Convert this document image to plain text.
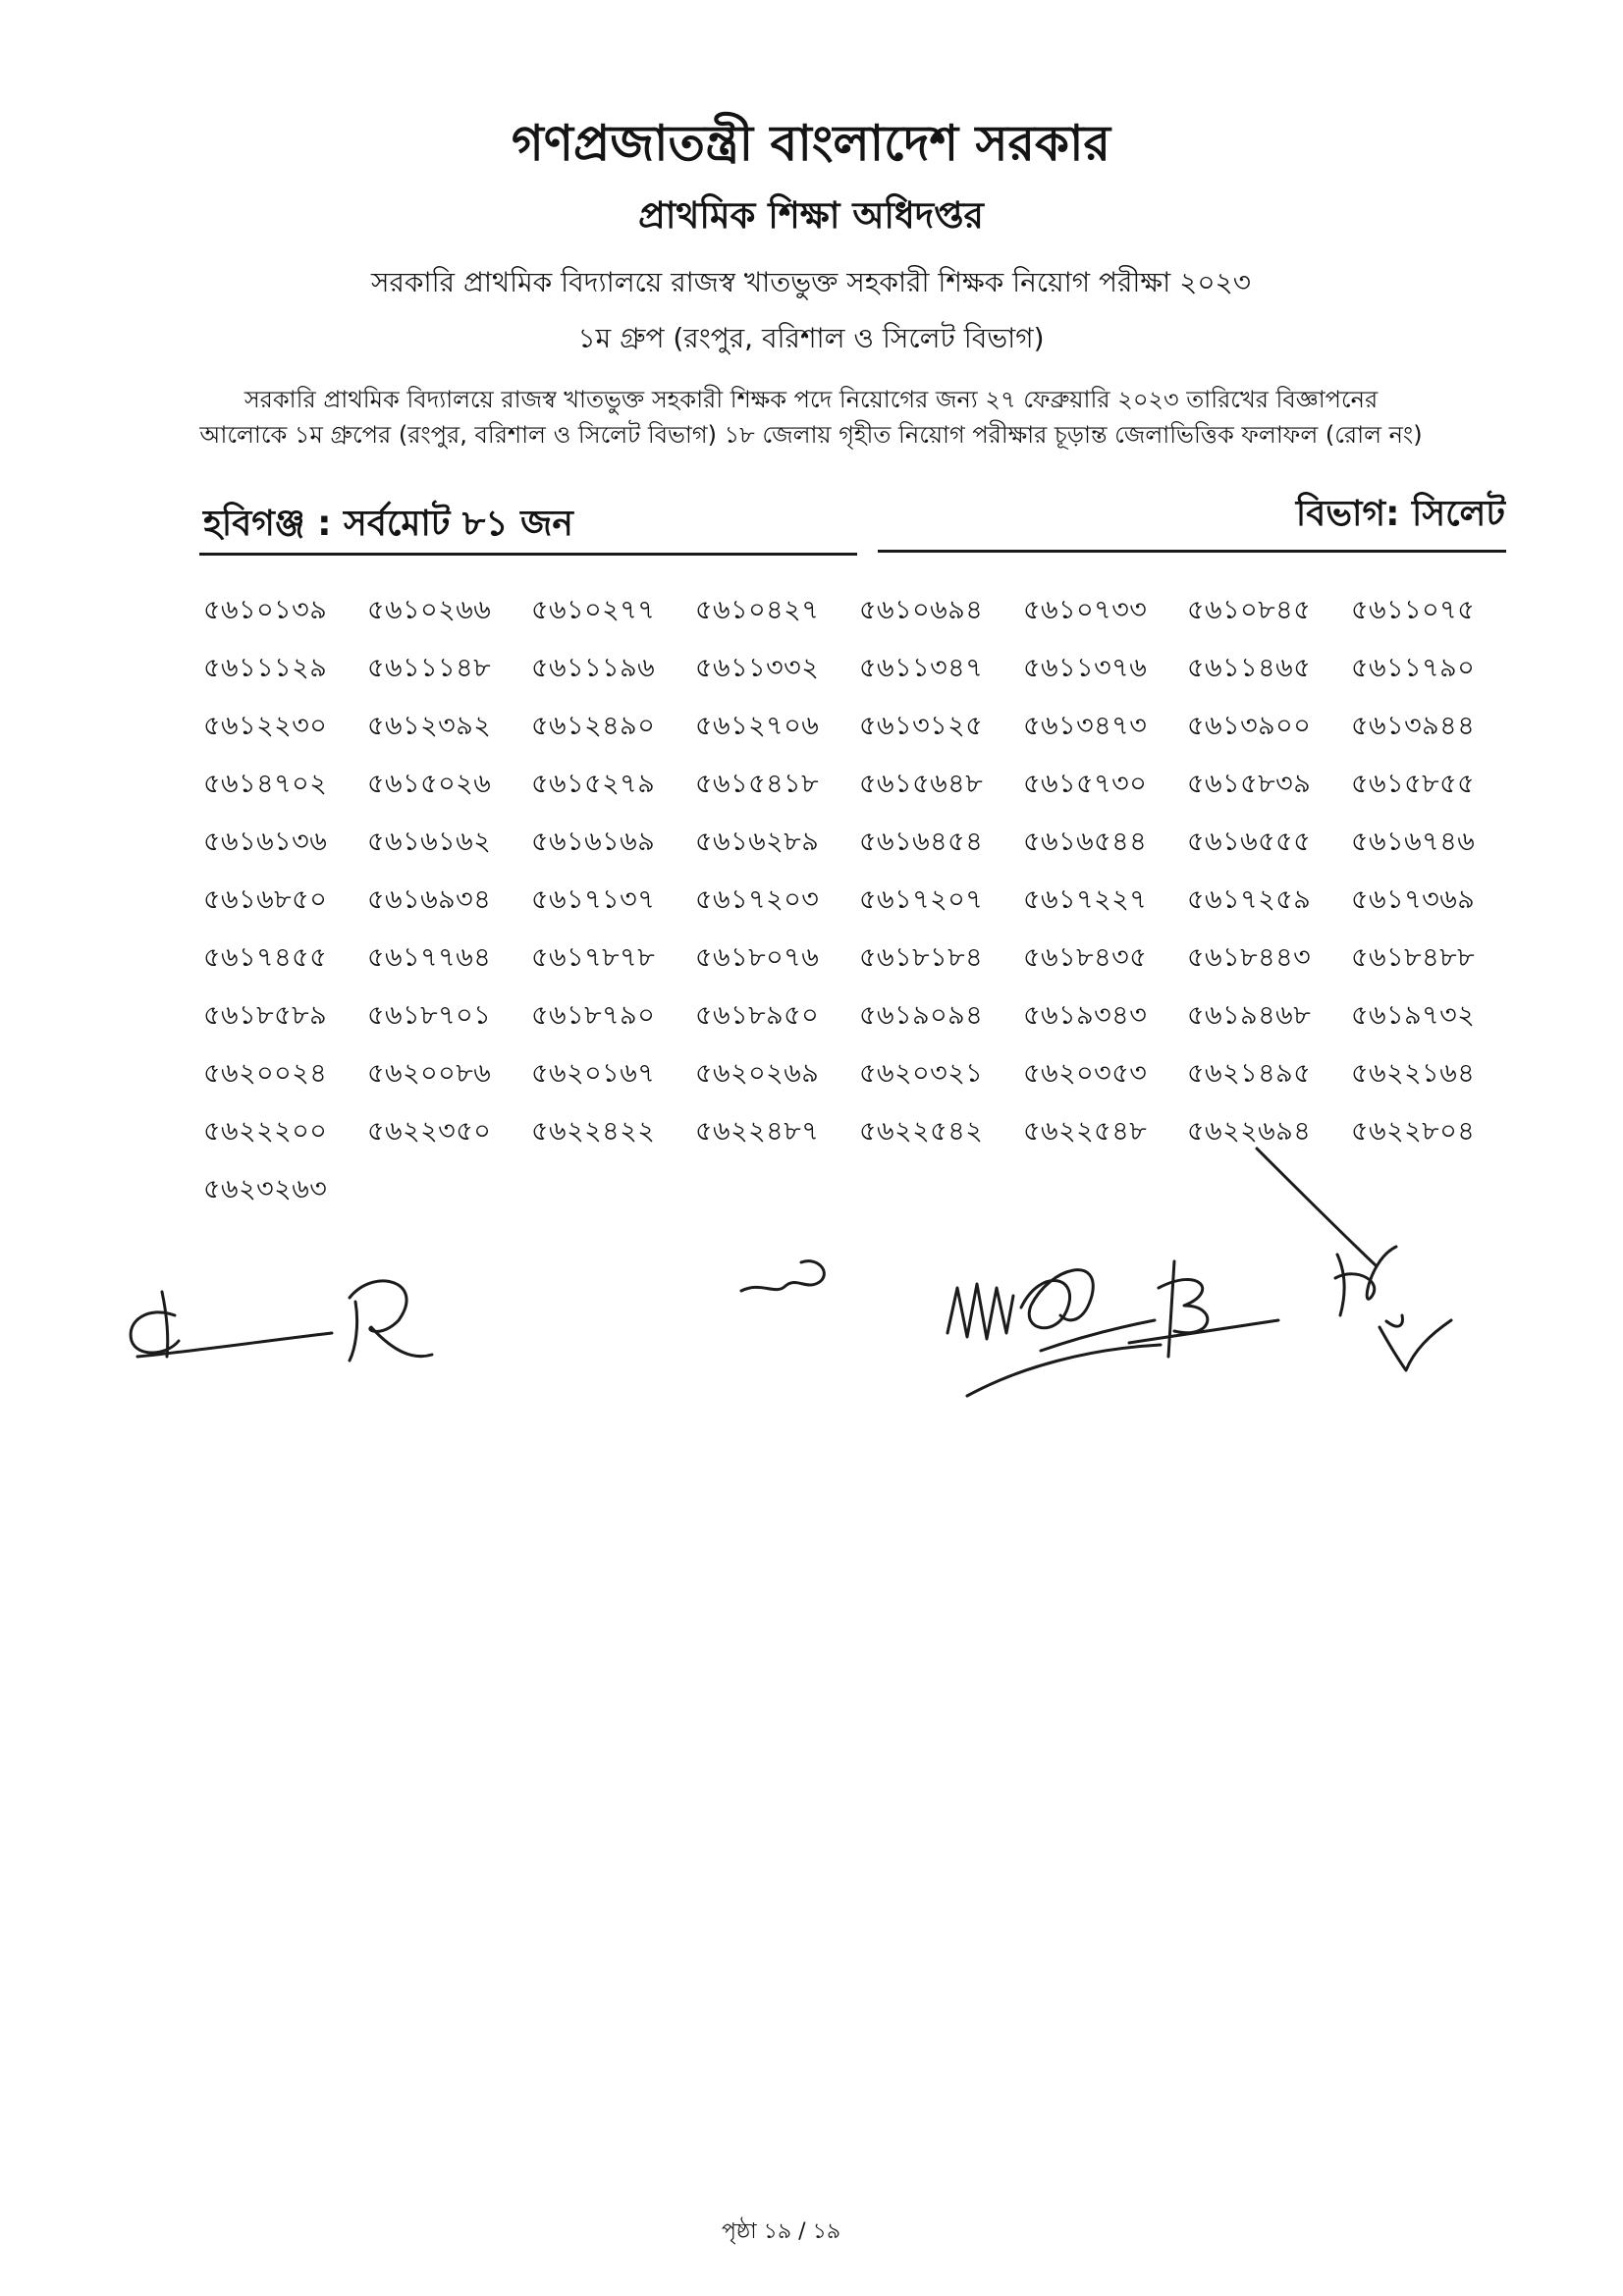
গণপ্রজাতন্ত্রী বাংলাদেশ সরকার
প্রাথমিক শিক্ষা অধিদপ্তর
সরকারি প্রাথমিক বিদ্যালয়ে রাজস্ব খাতভুক্ত সহকারী শিক্ষক নিয়োগ পরীক্ষা ২০২৩
১ম গ্রুপ (রংপুর, বরিশাল ও সিলেট বিভাগ)
সরকারি প্রাথমিক বিদ্যালয়ে রাজস্ব খাতভুক্ত সহকারী শিক্ষক পদে নিয়োগের জন্য ২৭ ফেব্রুয়ারি ২০২৩ তারিখের বিজ্ঞাপনের
আলোকে ১ম গ্রুপের (রংপুর, বরিশাল ও সিলেট বিভাগ) ১৮ জেলায় গৃহীত নিয়োগ পরীক্ষার চূড়ান্ত জেলাভিত্তিক ফলাফল (রোল নং)
হবিগঞ্জ : সর্বমোট ৮১ জন	বিভাগ: সিলেট
৫৬১০১৩৯	৫৬১০২৬৬	৫৬১০২৭৭	৫৬১০৪২৭	৫৬১০৬৯৪	৫৬১০৭৩৩	৫৬১০৮৪৫	৫৬১১০৭৫
৫৬১১১২৯	৫৬১১১৪৮	৫৬১১১৯৬	৫৬১১৩৩২	৫৬১১৩৪৭	৫৬১১৩৭৬	৫৬১১৪৬৫	৫৬১১৭৯০
৫৬১২২৩০	৫৬১২৩৯২	৫৬১২৪৯০	৫৬১২৭০৬	৫৬১৩১২৫	৫৬১৩৪৭৩	৫৬১৩৯০০	৫৬১৩৯৪৪
৫৬১৪৭০২	৫৬১৫০২৬	৫৬১৫২৭৯	৫৬১৫৪১৮	৫৬১৫৬৪৮	৫৬১৫৭৩০	৫৬১৫৮৩৯	৫৬১৫৮৫৫
৫৬১৬১৩৬	৫৬১৬১৬২	৫৬১৬১৬৯	৫৬১৬২৮৯	৫৬১৬৪৫৪	৫৬১৬৫৪৪	৫৬১৬৫৫৫	৫৬১৬৭৪৬
৫৬১৬৮৫০	৫৬১৬৯৩৪	৫৬১৭১৩৭	৫৬১৭২০৩	৫৬১৭২০৭	৫৬১৭২২৭	৫৬১৭২৫৯	৫৬১৭৩৬৯
৫৬১৭৪৫৫	৫৬১৭৭৬৪	৫৬১৭৮৭৮	৫৬১৮০৭৬	৫৬১৮১৮৪	৫৬১৮৪৩৫	৫৬১৮৪৪৩	৫৬১৮৪৮৮
৫৬১৮৫৮৯	৫৬১৮৭০১	৫৬১৮৭৯০	৫৬১৮৯৫০	৫৬১৯০৯৪	৫৬১৯৩৪৩	৫৬১৯৪৬৮	৫৬১৯৭৩২
৫৬২০০২৪	৫৬২০০৮৬	৫৬২০১৬৭	৫৬২০২৬৯	৫৬২০৩২১	৫৬২০৩৫৩	৫৬২১৪৯৫	৫৬২২১৬৪
৫৬২২২০০	৫৬২২৩৫০	৫৬২২৪২২	৫৬২২৪৮৭	৫৬২২৫৪২	৫৬২২৫৪৮	৫৬২২৬৯৪	৫৬২২৮০৪
৫৬২৩২৬৩
পৃষ্ঠা ১৯ / ১৯
